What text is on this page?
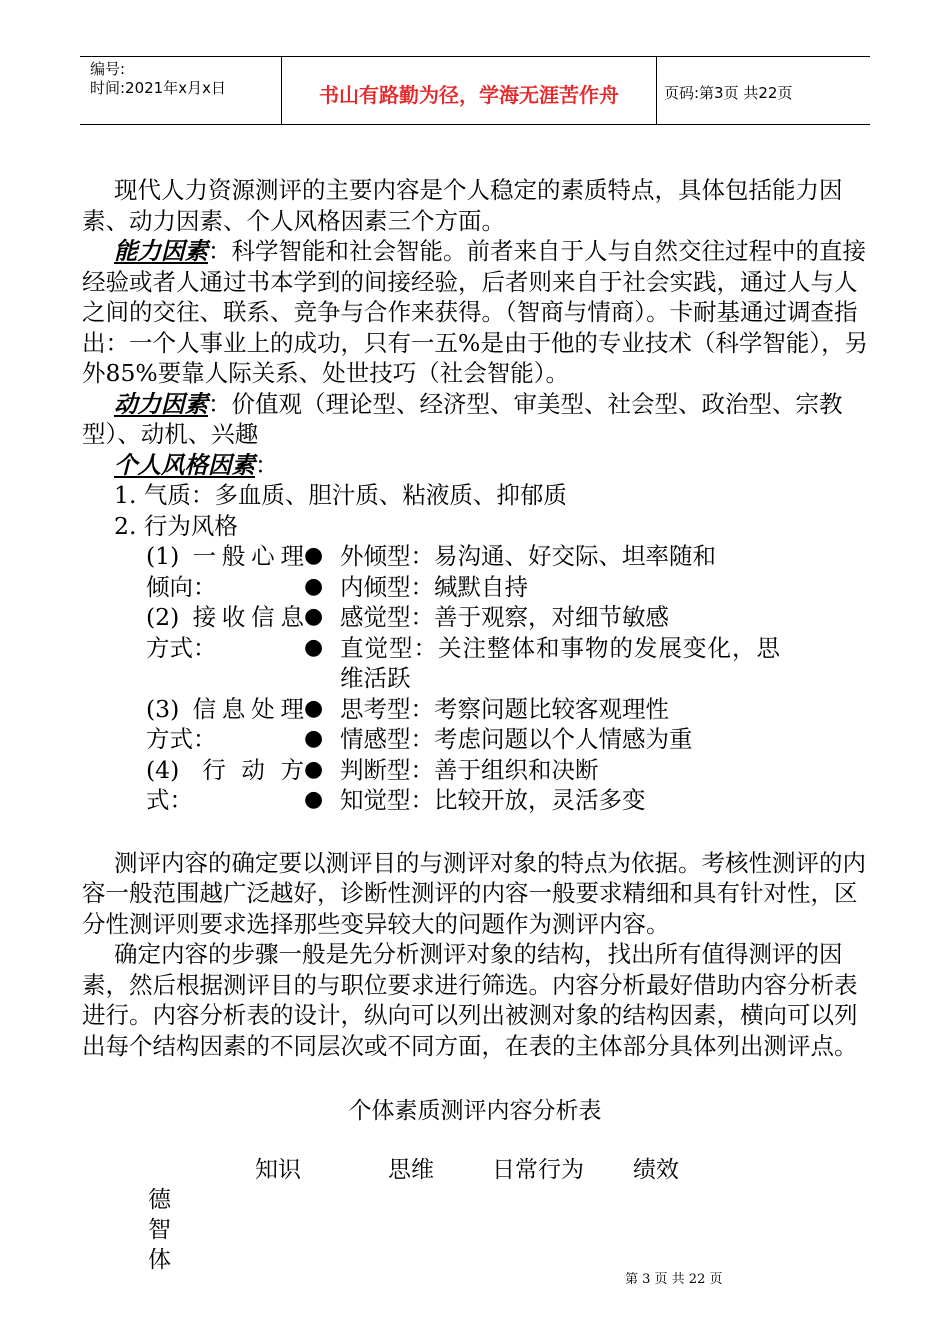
编号:
时间:2021年x月x日	书山有路勤为径，学海无涯苦作舟	页码:第3页 共22页

现代人力资源测评的主要内容是个人稳定的素质特点，具体包括能力因素、动力因素、个人风格因素三个方面。

能力因素：科学智能和社会智能。前者来自于人与自然交往过程中的直接经验或者人通过书本学到的间接经验，后者则来自于社会实践，通过人与人之间的交往、联系、竞争与合作来获得。（智商与情商）。卡耐基通过调查指出：一个人事业上的成功，只有一五%是由于他的专业技术（科学智能），另外85%要靠人际关系、处世技巧（社会智能）。

动力因素：价值观（理论型、经济型、审美型、社会型、政治型、宗教型）、动机、兴趣

个人风格因素：

1. 气质：多血质、胆汁质、粘液质、抑郁质

2. 行为风格

(1) 一般心理倾向：
● 外倾型：易沟通、好交际、坦率随和
● 内倾型：缄默自持
(2) 接收信息方式：
● 感觉型：善于观察，对细节敏感
● 直觉型：关注整体和事物的发展变化，思维活跃
(3) 信息处理方式：
● 思考型：考察问题比较客观理性
● 情感型：考虑问题以个人情感为重
(4) 行动方式：
● 判断型：善于组织和决断
● 知觉型：比较开放，灵活多变

测评内容的确定要以测评目的与测评对象的特点为依据。考核性测评的内容一般范围越广泛越好，诊断性测评的内容一般要求精细和具有针对性，区分性测评则要求选择那些变异较大的问题作为测评内容。

确定内容的步骤一般是先分析测评对象的结构，找出所有值得测评的因素，然后根据测评目的与职位要求进行筛选。内容分析最好借助内容分析表进行。内容分析表的设计，纵向可以列出被测对象的结构因素，横向可以列出每个结构因素的不同层次或不同方面，在表的主体部分具体列出测评点。

个体素质测评内容分析表
知识	思维	日常行为 绩效
德
智
体
第 3 页 共 22 页
